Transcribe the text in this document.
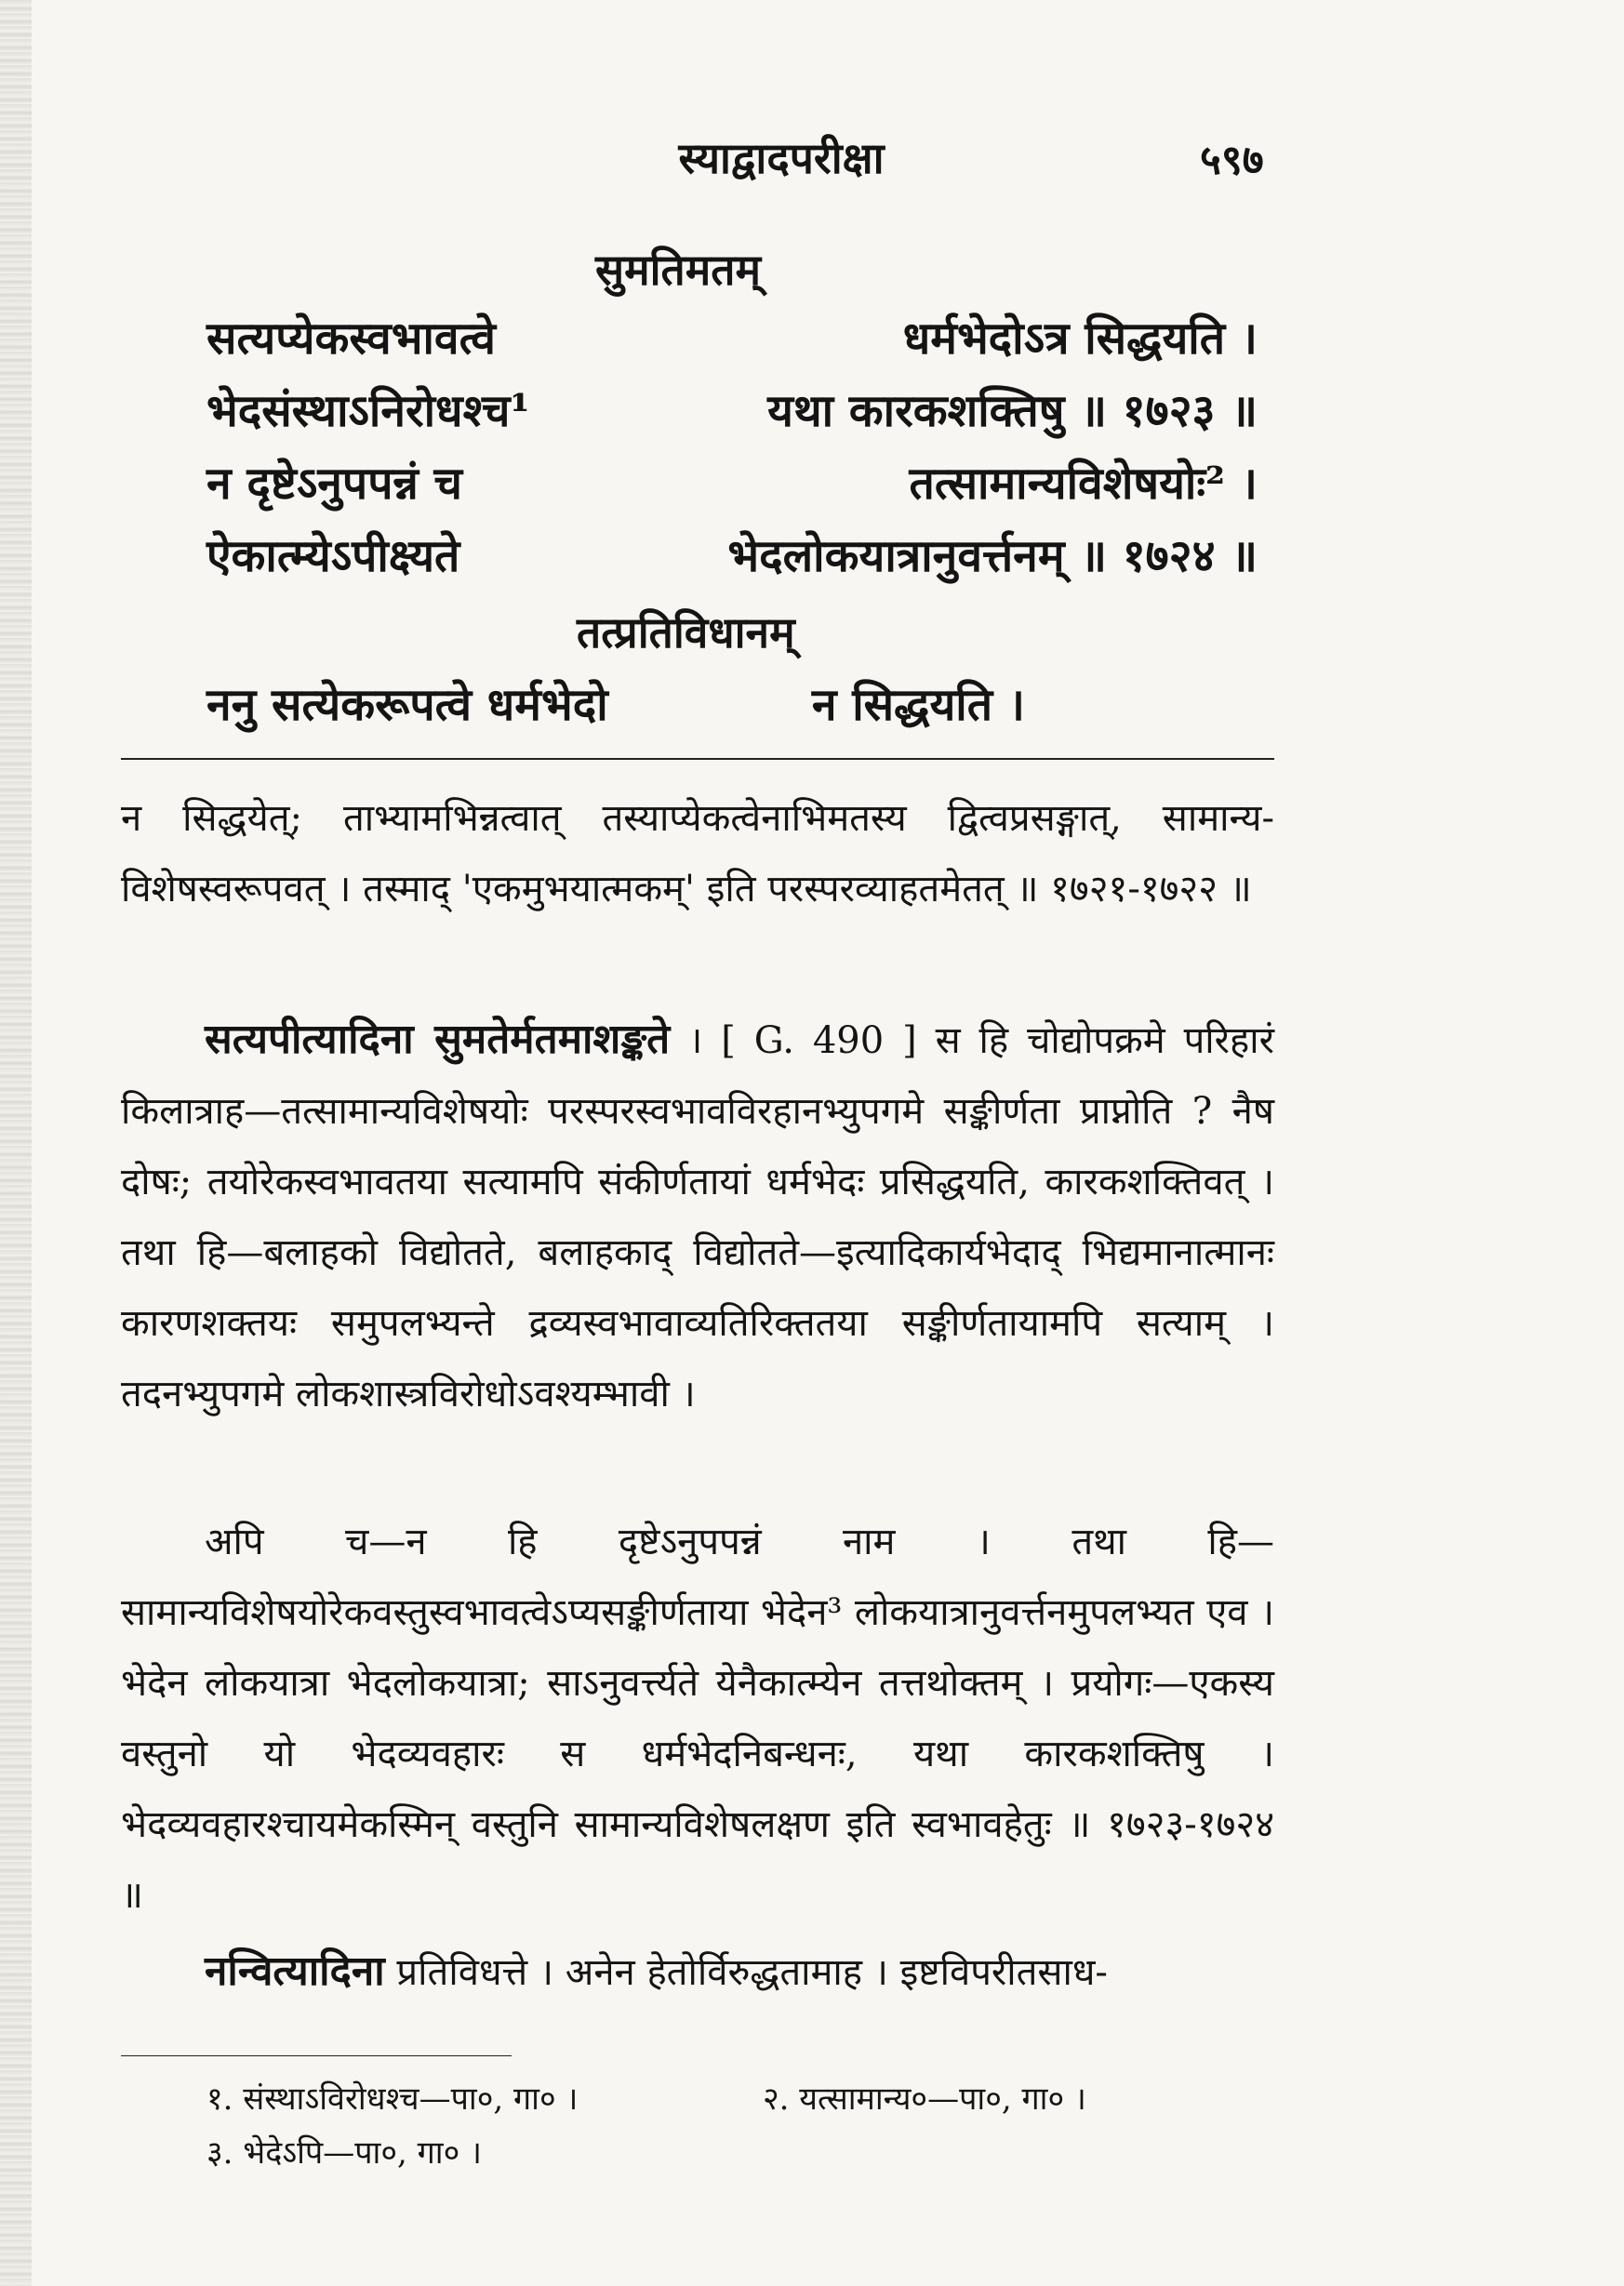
स्याद्वादपरीक्षा	५९७
सुमतिमतम्
सत्यप्येकस्वभावत्वे	धर्मभेदोऽत्र सिद्धयति ।
भेदसंस्थाऽनिरोधश्च¹	यथा कारकशक्तिषु ॥ १७२३ ॥
न दृष्टेऽनुपपन्नं च	तत्सामान्यविशेषयोः² ।
ऐकात्म्येऽपीक्ष्यते	भेदलोकयात्रानुवर्त्तनम् ॥ १७२४ ॥
तत्प्रतिविधानम्
ननु सत्येकरूपत्वे धर्मभेदो	न सिद्धयति ।
न सिद्धयेत्; ताभ्यामभिन्नत्वात् तस्याप्येकत्वेनाभिमतस्य द्वित्वप्रसङ्गात्, सामान्य-विशेषस्वरूपवत् । तस्माद् 'एकमुभयात्मकम्' इति परस्परव्याहतमेतत् ॥ १७२१-१७२२ ॥
सत्यपीत्यादिना सुमतेर्मतमाशङ्कते । [ G. 490 ] स हि चोद्योपक्रमे परिहारं किलात्राह—तत्सामान्यविशेषयोः परस्परस्वभावविरहानभ्युपगमे सङ्कीर्णता प्राप्नोति ? नैष दोषः; तयोरेकस्वभावतया सत्यामपि संकीर्णतायां धर्मभेदः प्रसिद्धयति, कारकशक्तिवत् । तथा हि—बलाहको विद्योतते, बलाहकाद् विद्योतते—इत्यादिकार्यभेदाद् भिद्यमानात्मानः कारणशक्तयः समुपलभ्यन्ते द्रव्यस्वभावाव्यतिरिक्ततया सङ्कीर्णतायामपि सत्याम् । तदनभ्युपगमे लोकशास्त्रविरोधोऽवश्यम्भावी ।
अपि च—न हि दृष्टेऽनुपपन्नं नाम । तथा हि—सामान्यविशेषयोरेकवस्तुस्वभावत्वेऽप्यसङ्कीर्णताया भेदेन³ लोकयात्रानुवर्त्तनमुपलभ्यत एव । भेदेन लोकयात्रा भेदलोकयात्रा; साऽनुवर्त्त्यते येनैकात्म्येन तत्तथोक्तम् । प्रयोगः—एकस्य वस्तुनो यो भेदव्यवहारः स धर्मभेदनिबन्धनः, यथा कारकशक्तिषु । भेदव्यवहारश्चायमेकस्मिन् वस्तुनि सामान्यविशेषलक्षण इति स्वभावहेतुः ॥ १७२३-१७२४ ॥
नन्वित्यादिना प्रतिविधत्ते । अनेन हेतोर्विरुद्धतामाह । इष्टविपरीतसाध-
१. संस्थाऽविरोधश्च—पा०, गा० ।	२. यत्सामान्य०—पा०, गा० ।
३. भेदेऽपि—पा०, गा० ।
